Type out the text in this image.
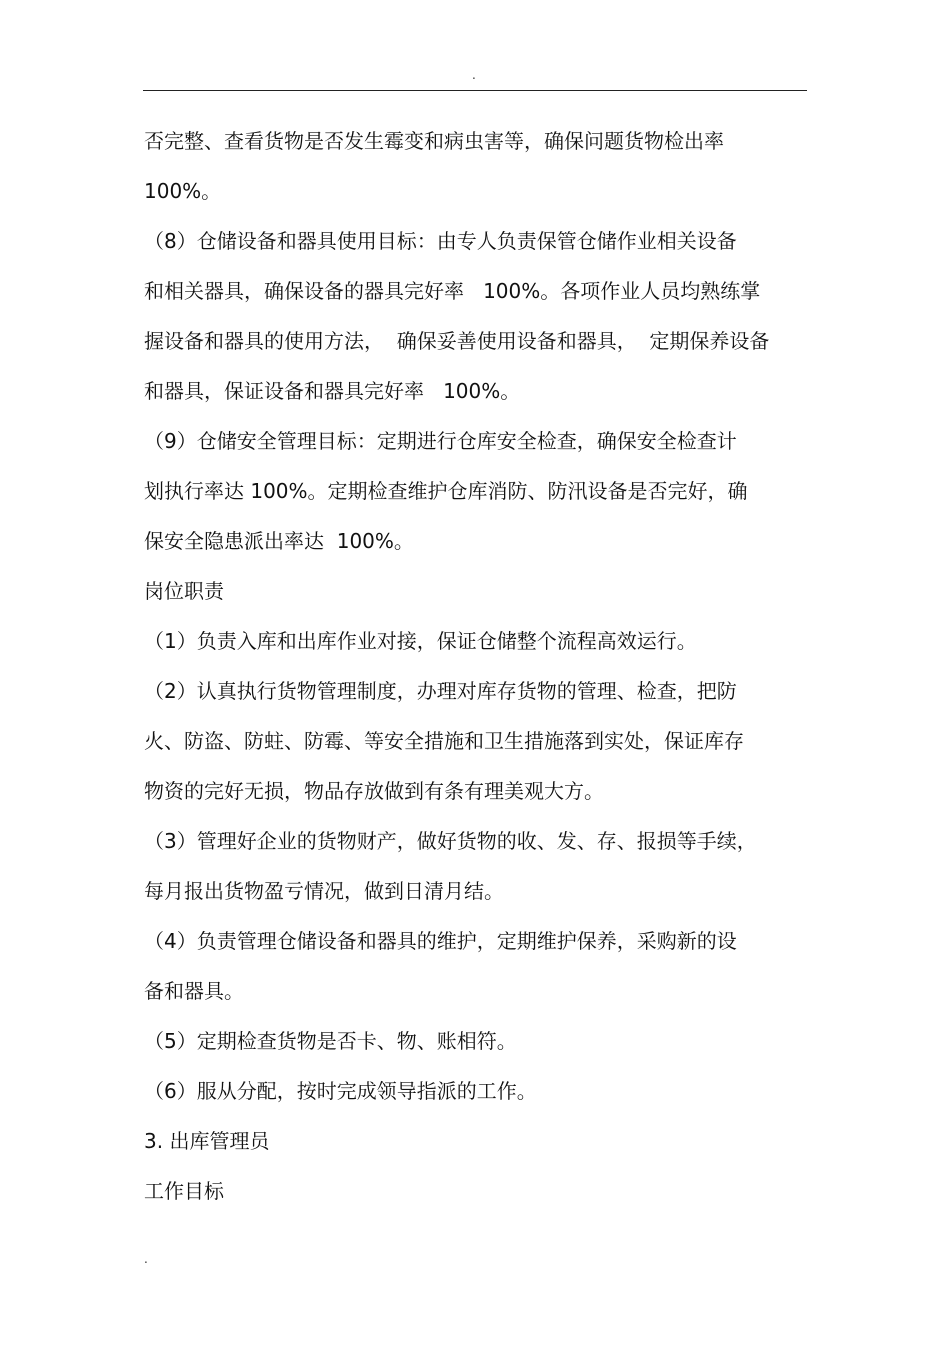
.
否完整、查看货物是否发生霉变和病虫害等，确保问题货物检出率
100%。
（8）仓储设备和器具使用目标：由专人负责保管仓储作业相关设备
和相关器具，确保设备的器具完好率   100%。各项作业人员均熟练掌
握设备和器具的使用方法，  确保妥善使用设备和器具，  定期保养设备
和器具，保证设备和器具完好率   100%。
（9）仓储安全管理目标：定期进行仓库安全检查，确保安全检查计
划执行率达 100%。定期检查维护仓库消防、防汛设备是否完好，确
保安全隐患派出率达  100%。
岗位职责
（1）负责入库和出库作业对接，保证仓储整个流程高效运行。
（2）认真执行货物管理制度，办理对库存货物的管理、检查，把防
火、防盗、防蛀、防霉、等安全措施和卫生措施落到实处，保证库存
物资的完好无损，物品存放做到有条有理美观大方。
（3）管理好企业的货物财产，做好货物的收、发、存、报损等手续，
每月报出货物盈亏情况，做到日清月结。
（4）负责管理仓储设备和器具的维护，定期维护保养，采购新的设
备和器具。
（5）定期检查货物是否卡、物、账相符。
（6）服从分配，按时完成领导指派的工作。
3. 出库管理员
工作目标
.
